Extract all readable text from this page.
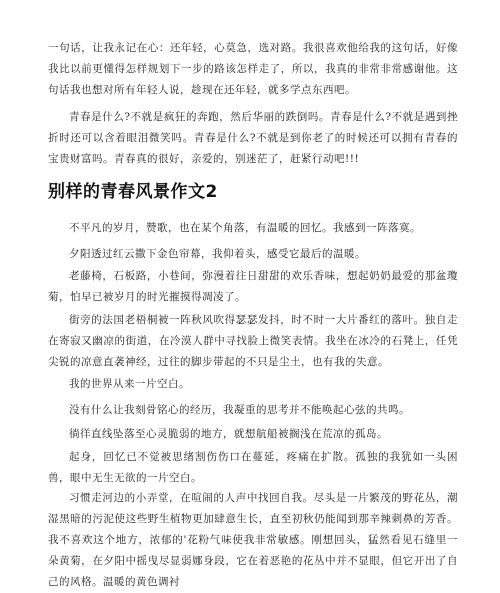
一句话，让我永记在心：还年轻，心莫急，选对路。我很喜欢他给我的这句话，好像我比以前更懂得怎样规划下一步的路该怎样走了，所以，我真的非常非常感谢他。这句话我也想对所有年轻人说，趁现在还年轻，就多学点东西吧。

青春是什么?不就是疯狂的奔跑，然后华丽的跌倒吗。青春是什么?不就是遇到挫折时还可以含着眼泪微笑吗。青春是什么?不就是到你老了的时候还可以拥有青春的宝贵财富吗。青春真的很好，亲爱的，别迷茫了，赶紧行动吧!!!

别样的青春风景作文2

不平凡的岁月，赞歌，也在某个角落，有温暖的回忆。我感到一阵落寞。

夕阳透过红云撒下金色帘幕，我仰着头，感受它最后的温暖。

老藤椅，石板路，小巷间，弥漫着往日甜甜的欢乐香味，想起奶奶最爱的那盆瓊菊，怕早已被岁月的时光摧摸得凋凌了。

街旁的法国老梧桐被一阵秋风吹得瑟瑟发抖，时不时一大片番红的落叶。独自走在寄寂又幽凉的街道，在冷漠人群中寻找脸上微笑表情。我坐在冰冷的石凳上，任凭尖锐的凉意直袭神经，过往的脚步带起的不只是尘土，也有我的失意。

我的世界从来一片空白。

没有什么让我刻骨铭心的经历，我凝重的思考并不能唤起心弦的共鸣。

徜徉直线坠落至心灵脆弱的地方，就想航船被搁浅在荒凉的孤岛。

起身，回忆已不觉被思绪割伤伤口在蔓延，疼痛在扩散。孤独的我犹如一头困兽，眼中无生无欲的一片空白。

习惯走河边的小弄堂，在喧闹的人声中找回自我。尽头是一片繁茂的野花丛，潮湿黑暗的污泥使这些野生植物更加肆意生长，直至初秋仍能闻到那辛辣刺鼻的芳香。我不喜欢这个地方，浓郁的'花粉气味使我非常敏感。刚想回头，猛然看见石缝里一朵黄菊，在夕阳中摇曳尽显弱娜身段，它在着恶艳的花丛中并不显眼，但它开出了自己的风格。温暖的黄色调衬
